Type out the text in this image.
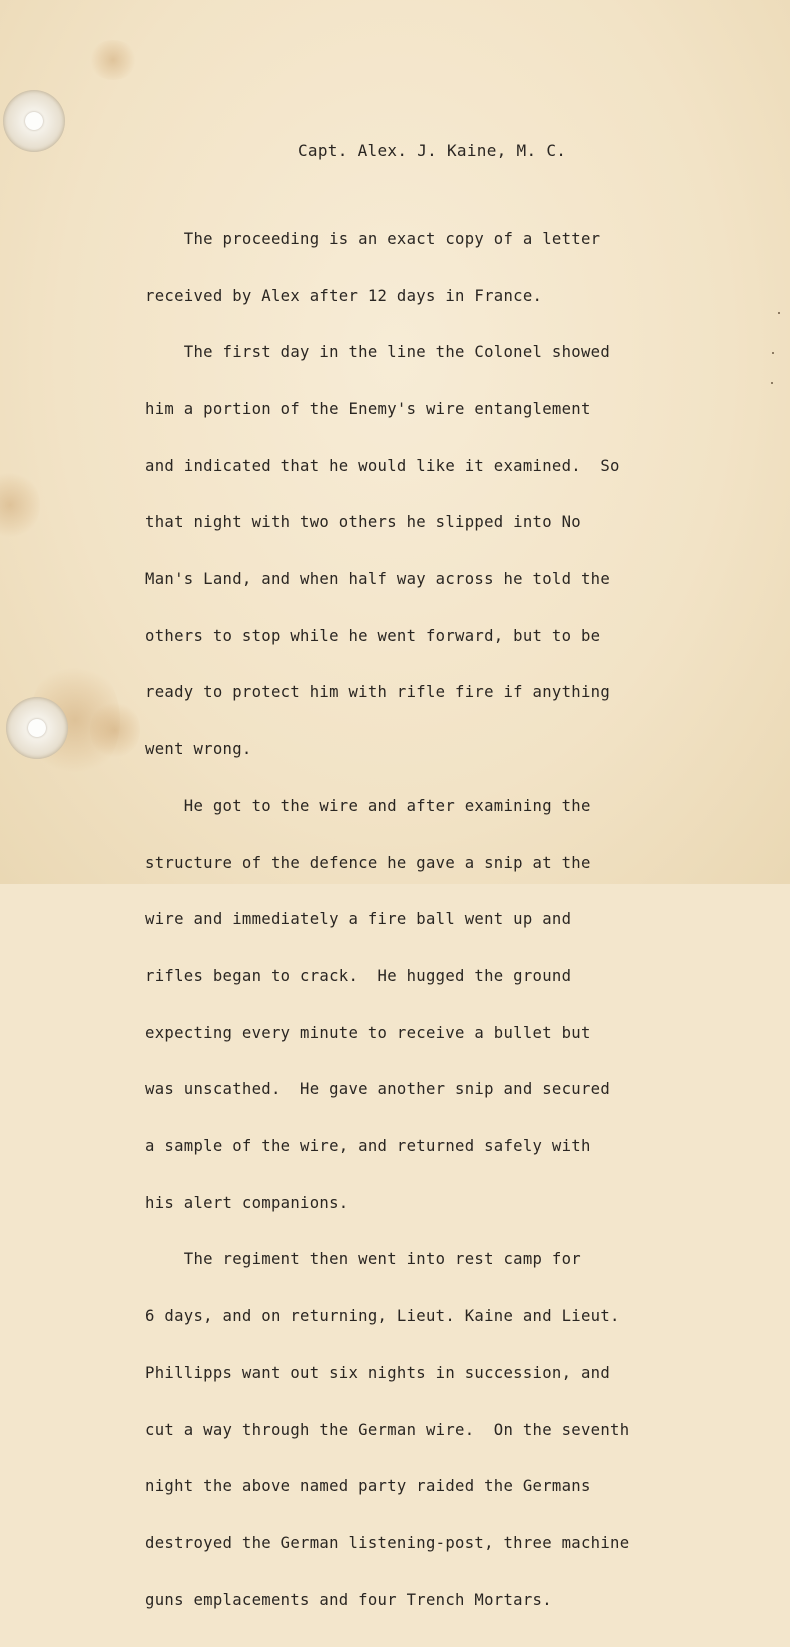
Capt. Alex. J. Kaine, M. C.

The proceeding is an exact copy of a letter

received by Alex after 12 days in France.

The first day in the line the Colonel showed

him a portion of the Enemy's wire entanglement

and indicated that he would like it examined.  So

that night with two others he slipped into No

Man's Land, and when half way across he told the

others to stop while he went forward, but to be

ready to protect him with rifle fire if anything

went wrong.

He got to the wire and after examining the

structure of the defence he gave a snip at the

wire and immediately a fire ball went up and

rifles began to crack.  He hugged the ground

expecting every minute to receive a bullet but

was unscathed.  He gave another snip and secured

a sample of the wire, and returned safely with

his alert companions.

The regiment then went into rest camp for

6 days, and on returning, Lieut. Kaine and Lieut.

Phillipps want out six nights in succession, and

cut a way through the German wire.  On the seventh

night the above named party raided the Germans

destroyed the German listening-post, three machine

guns emplacements and four Trench Mortars.
